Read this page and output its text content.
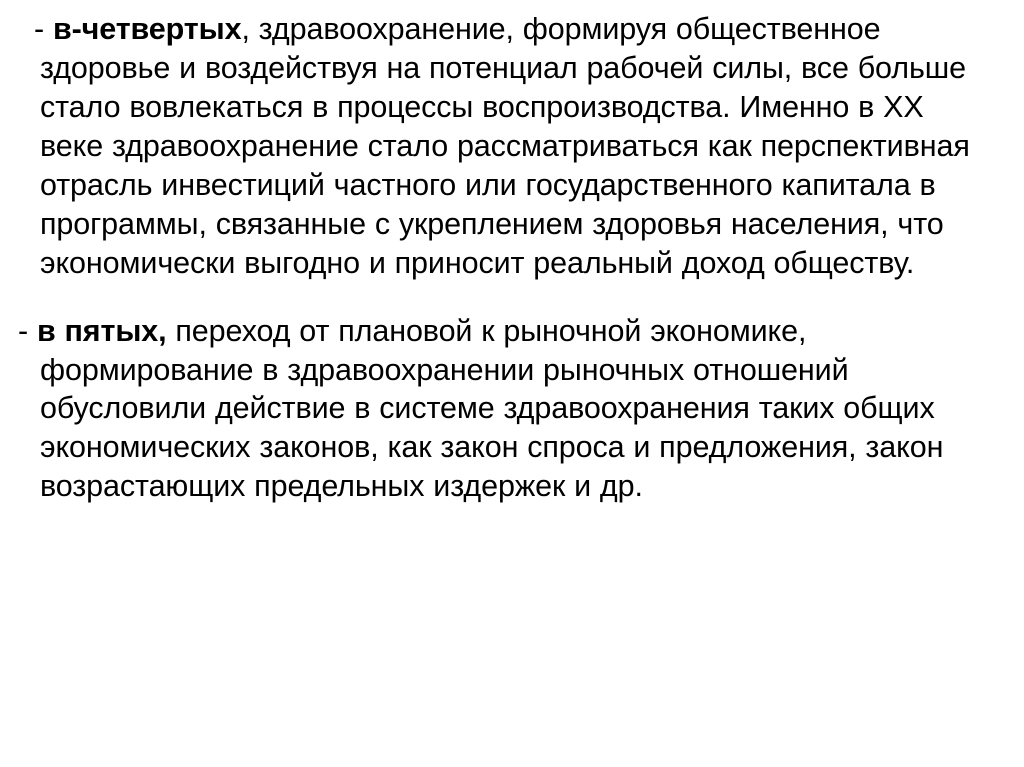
- в-четвертых, здравоохранение, формируя общественное здоровье и воздействуя на потенциал рабочей силы, все больше стало вовлекаться в процессы воспроизводства. Именно в ХХ веке здравоохранение стало рассматриваться как перспективная отрасль инвестиций частного или государственного капитала в программы, связанные с укреплением здоровья населения, что экономически выгодно и приносит реальный доход обществу.

- в пятых, переход от плановой к рыночной экономике, формирование в здравоохранении рыночных отношений обусловили действие в системе здравоохранения таких общих экономических законов, как закон спроса и предложения, закон возрастающих предельных издержек и др.
